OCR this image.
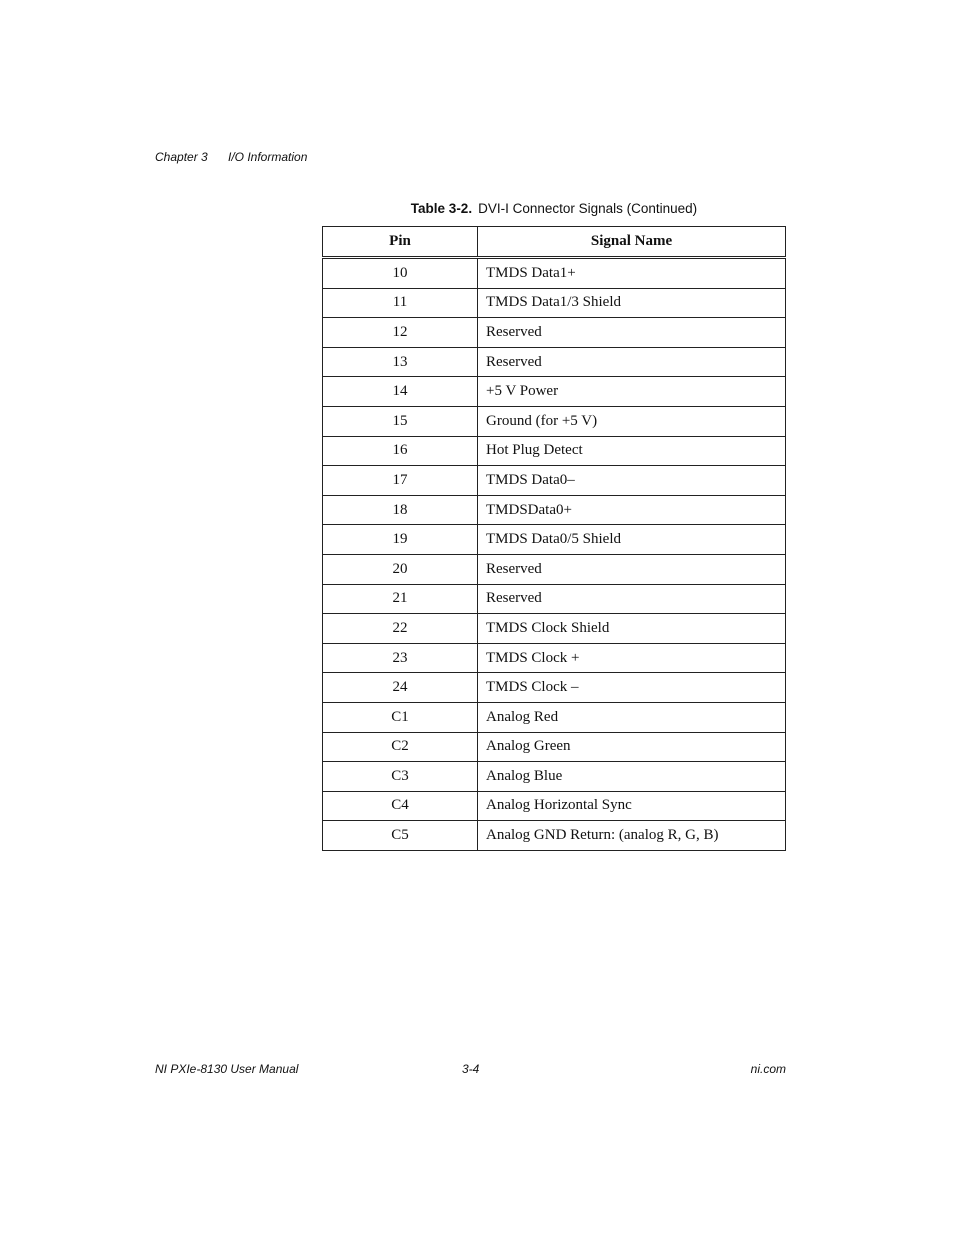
Chapter 3	I/O Information
Table 3-2. DVI-I Connector Signals (Continued)
Pin	Signal Name
10	TMDS Data1+
11	TMDS Data1/3 Shield
12	Reserved
13	Reserved
14	+5 V Power
15	Ground (for +5 V)
16	Hot Plug Detect
17	TMDS Data0–
18	TMDSData0+
19	TMDS Data0/5 Shield
20	Reserved
21	Reserved
22	TMDS Clock Shield
23	TMDS Clock +
24	TMDS Clock –
C1	Analog Red
C2	Analog Green
C3	Analog Blue
C4	Analog Horizontal Sync
C5	Analog GND Return: (analog R, G, B)
NI PXIe-8130 User Manual	3-4	ni.com
